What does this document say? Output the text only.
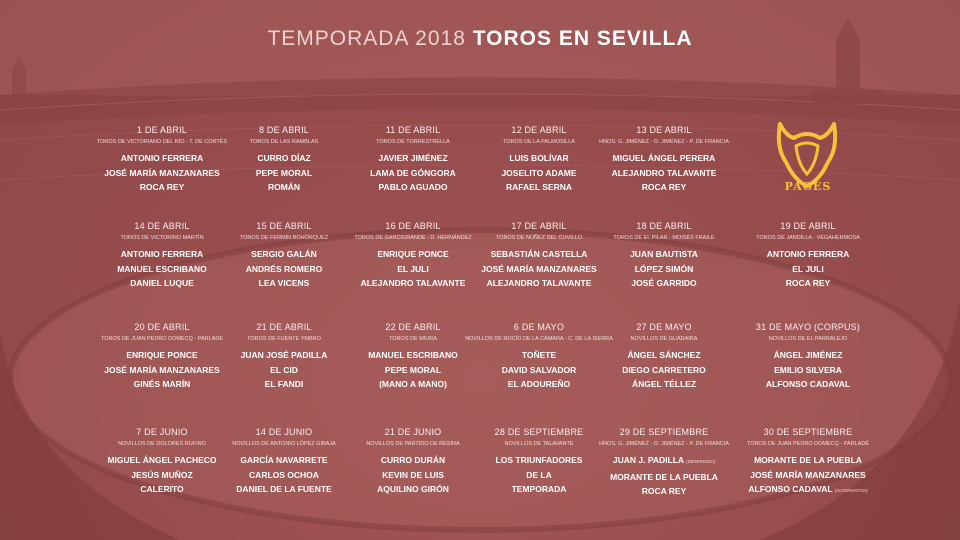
TEMPORADA 2018 TOROS EN SEVILLA
PAGÉS
1 DE ABRIL
TOROS DE VICTORIANO DEL RÍO - T. DE CORTÉS
ANTONIO FERRERA
JOSÉ MARÍA MANZANARES
ROCA REY
8 DE ABRIL
TOROS DE LAS RAMBLAS
CURRO DÍAZ
PEPE MORAL
ROMÁN
11 DE ABRIL
TOROS DE TORRESTRELLA
JAVIER JIMÉNEZ
LAMA DE GÓNGORA
PABLO AGUADO
12 DE ABRIL
TOROS DE LA PALMOSILLA
LUIS BOLÍVAR
JOSELITO ADAME
RAFAEL SERNA
13 DE ABRIL
HNOS. G. JIMÉNEZ - O. JIMÉNEZ - P. DE FRANCIA
MIGUEL ÁNGEL PERERA
ALEJANDRO TALAVANTE
ROCA REY
14 DE ABRIL
TOROS DE VICTORINO MARTÍN
ANTONIO FERRERA
MANUEL ESCRIBANO
DANIEL LUQUE
15 DE ABRIL
TOROS DE FERMÍN BOHÓRQUEZ
SERGIO GALÁN
ANDRÉS ROMERO
LEA VICENS
16 DE ABRIL
TOROS DE GARCIGRANDE - D. HERNÁNDEZ
ENRIQUE PONCE
EL JULI
ALEJANDRO TALAVANTE
17 DE ABRIL
TOROS DE NÚÑEZ DEL CUVILLO
SEBASTIÁN CASTELLA
JOSÉ MARÍA MANZANARES
ALEJANDRO TALAVANTE
18 DE ABRIL
TOROS DE EL PILAR - MOISÉS FRAILE
JUAN BAUTISTA
LÓPEZ SIMÓN
JOSÉ GARRIDO
19 DE ABRIL
TOROS DE JANDILLA - VEGAHERMOSA
ANTONIO FERRERA
EL JULI
ROCA REY
20 DE ABRIL
TOROS DE JUAN PEDRO DOMECQ - PARLADÉ
ENRIQUE PONCE
JOSÉ MARÍA MANZANARES
GINÉS MARÍN
21 DE ABRIL
TOROS DE FUENTE YMBRO
JUAN JOSÉ PADILLA
EL CID
EL FANDI
22 DE ABRIL
TOROS DE MIURA
MANUEL ESCRIBANO
PEPE MORAL
(MANO A MANO)
6 DE MAYO
NOVILLOS DE ROCÍO DE LA CÁMARA - C. DE LA SIERRA
TOÑETE
DAVID SALVADOR
EL ADOUREÑO
27 DE MAYO
NOVILLOS DE GUADAIRA
ÁNGEL SÁNCHEZ
DIEGO CARRETERO
ÁNGEL TÉLLEZ
31 DE MAYO (CORPUS)
NOVILLOS DE EL PARRALEJO
ÁNGEL JIMÉNEZ
EMILIO SILVERA
ALFONSO CADAVAL
7 DE JUNIO
NOVILLOS DE DOLORES RUFINO
MIGUEL ÁNGEL PACHECO
JESÚS MUÑOZ
CALERITO
14 DE JUNIO
NOVILLOS DE ANTONIO LÓPEZ GIBAJA
GARCÍA NAVARRETE
CARLOS OCHOA
DANIEL DE LA FUENTE
21 DE JUNIO
NOVILLOS DE PARTIDO DE RESINA
CURRO DURÁN
KEVIN DE LUIS
AQUILINO GIRÓN
28 DE SEPTIEMBRE
NOVILLOS DE TALAVANTE
LOS TRIUNFADORES
DE LA
TEMPORADA
29 DE SEPTIEMBRE
HNOS. G. JIMÉNEZ - O. JIMÉNEZ - P. DE FRANCIA
JUAN J. PADILLA (DESPEDIDA)
MORANTE DE LA PUEBLA
ROCA REY
30 DE SEPTIEMBRE
TOROS DE JUAN PEDRO DOMECQ - PARLADÉ
MORANTE DE LA PUEBLA
JOSÉ MARÍA MANZANARES
ALFONSO CADAVAL (ALTERNATIVA)
